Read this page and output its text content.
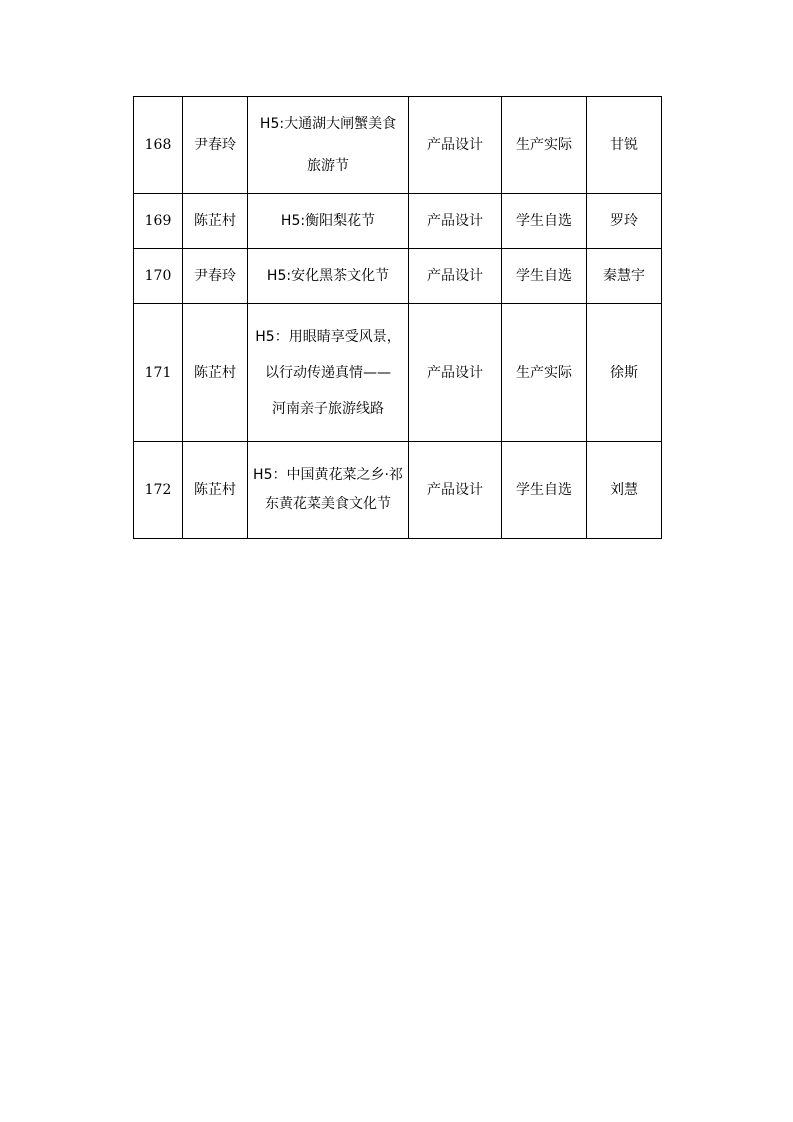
168	尹春玲	H5:大通湖大闸蟹美食
旅游节	产品设计	生产实际	甘锐
169	陈芷村	H5:衡阳梨花节	产品设计	学生自选	罗玲
170	尹春玲	H5:安化黑茶文化节	产品设计	学生自选	秦慧宇
171	陈芷村	H5：用眼睛享受风景，
以行动传递真情——
河南亲子旅游线路	产品设计	生产实际	徐斯
172	陈芷村	H5：中国黄花菜之乡·祁
东黄花菜美食文化节	产品设计	学生自选	刘慧
